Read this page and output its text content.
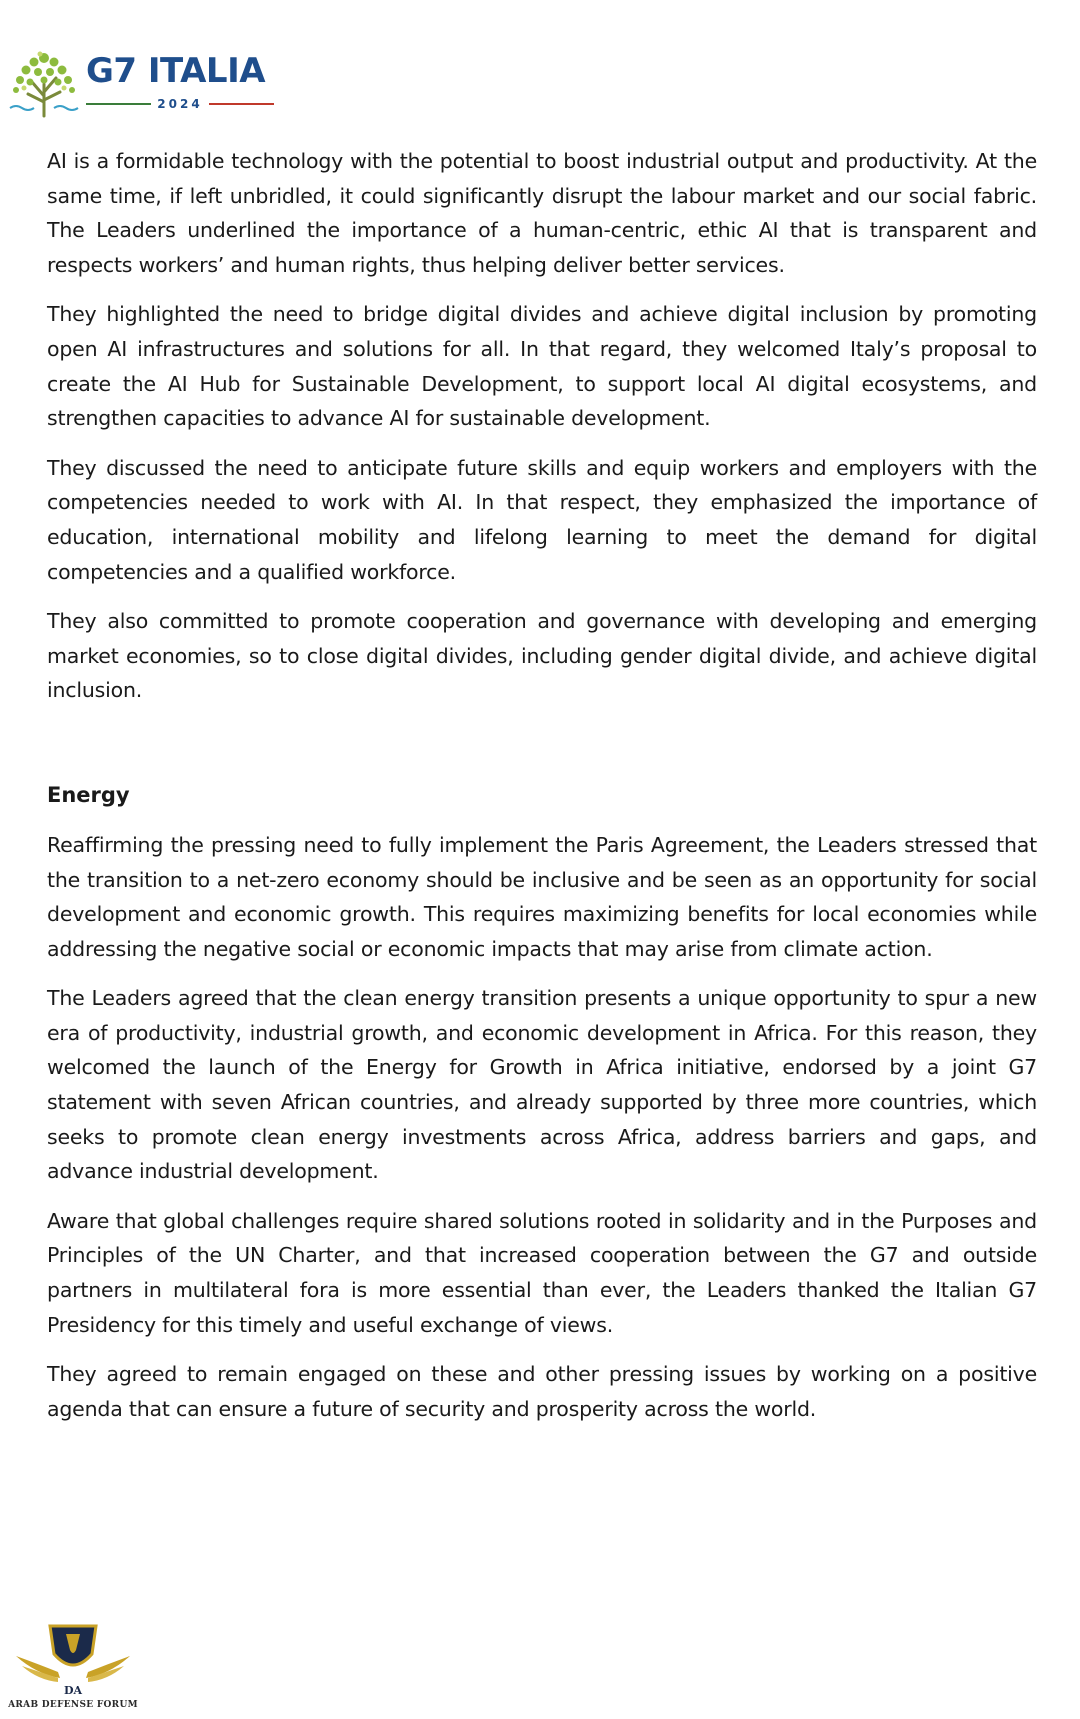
G7 ITALIA
2024

AI is a formidable technology with the potential to boost industrial output and productivity. At the same time, if left unbridled, it could significantly disrupt the labour market and our social fabric. The Leaders underlined the importance of a human-centric, ethic AI that is transparent and respects workers’ and human rights, thus helping deliver better services.

They highlighted the need to bridge digital divides and achieve digital inclusion by promoting open AI infrastructures and solutions for all. In that regard, they welcomed Italy’s proposal to create the AI Hub for Sustainable Development, to support local AI digital ecosystems, and strengthen capacities to advance AI for sustainable development.

They discussed the need to anticipate future skills and equip workers and employers with the competencies needed to work with AI. In that respect, they emphasized the importance of education, international mobility and lifelong learning to meet the demand for digital competencies and a qualified workforce.

They also committed to promote cooperation and governance with developing and emerging market economies, so to close digital divides, including gender digital divide, and achieve digital inclusion.

Energy

Reaffirming the pressing need to fully implement the Paris Agreement, the Leaders stressed that the transition to a net-zero economy should be inclusive and be seen as an opportunity for social development and economic growth. This requires maximizing benefits for local economies while addressing the negative social or economic impacts that may arise from climate action.

The Leaders agreed that the clean energy transition presents a unique opportunity to spur a new era of productivity, industrial growth, and economic development in Africa. For this reason, they welcomed the launch of the Energy for Growth in Africa initiative, endorsed by a joint G7 statement with seven African countries, and already supported by three more countries, which seeks to promote clean energy investments across Africa, address barriers and gaps, and advance industrial development.

Aware that global challenges require shared solutions rooted in solidarity and in the Purposes and Principles of the UN Charter, and that increased cooperation between the G7 and outside partners in multilateral fora is more essential than ever, the Leaders thanked the Italian G7 Presidency for this timely and useful exchange of views.

They agreed to remain engaged on these and other pressing issues by working on a positive agenda that can ensure a future of security and prosperity across the world.

DA
ARAB DEFENSE FORUM
